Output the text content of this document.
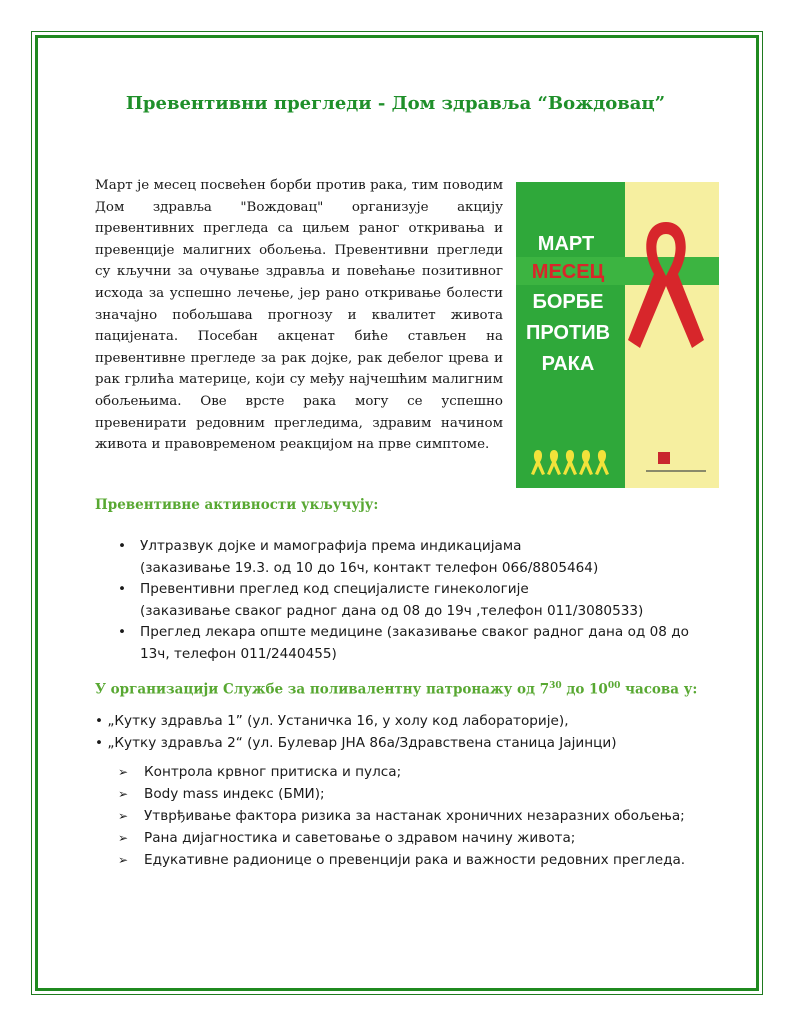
Превентивни прегледи - Дом здравља “Вождовац”
Март је месец посвећен борби против рака, тим поводим Дом здравља "Вождовац" организује акцију превентивних прегледа са циљем раног откривања и превенције малигних обољења. Превентивни прегледи су кључни за очување здравља и повећање позитивног исхода за успешно лечење, јер рано откривање болести значајно побољшава прогнозу и квалитет живота пацијената. Посебан акценат биће стављен на превентивне прегледе за рак дојке, рак дебелог црева и рак грлића материце, који су међу најчешћим малигним обољењима. Ове врсте рака могу се успешно превенирати редовним прегледима, здравим начином живота и правовременом реакцијом на прве симптоме.
МАРТ
МЕСЕЦ
БОРБЕ
ПРОТИВ
РАКА
Превентивне активности укључују:
• Ултразвук дојке и мамографија према индикацијама
(заказивање 19.3. од 10 до 16ч, контакт телефон 066/8805464)
• Превентивни преглед код специјалисте гинекологије
(заказивање сваког радног дана од 08 до 19ч ,телефон 011/3080533)
• Преглед лекара опште медицине (заказивање сваког радног дана од 08 до
13ч, телефон 011/2440455)
У организацији Службе за поливалентну патронажу од $7^{30}$ до $10^{00}$ часова у:
• „Кутку здравља 1” (ул. Устаничка 16, у холу код лабораторије),
• „Кутку здравља 2“ (ул. Булевар ЈНА 86а/Здравствена станица Јајинци)
➢ Контрола крвног притиска и пулса;
➢ Body mass индекс (БМИ);
➢ Утврђивање фактора ризика за настанак хроничних незаразних обољења;
➢ Рана дијагностика и саветовање о здравом начину живота;
➢ Едукативне радионице о превенцији рака и важности редовних прегледа.
